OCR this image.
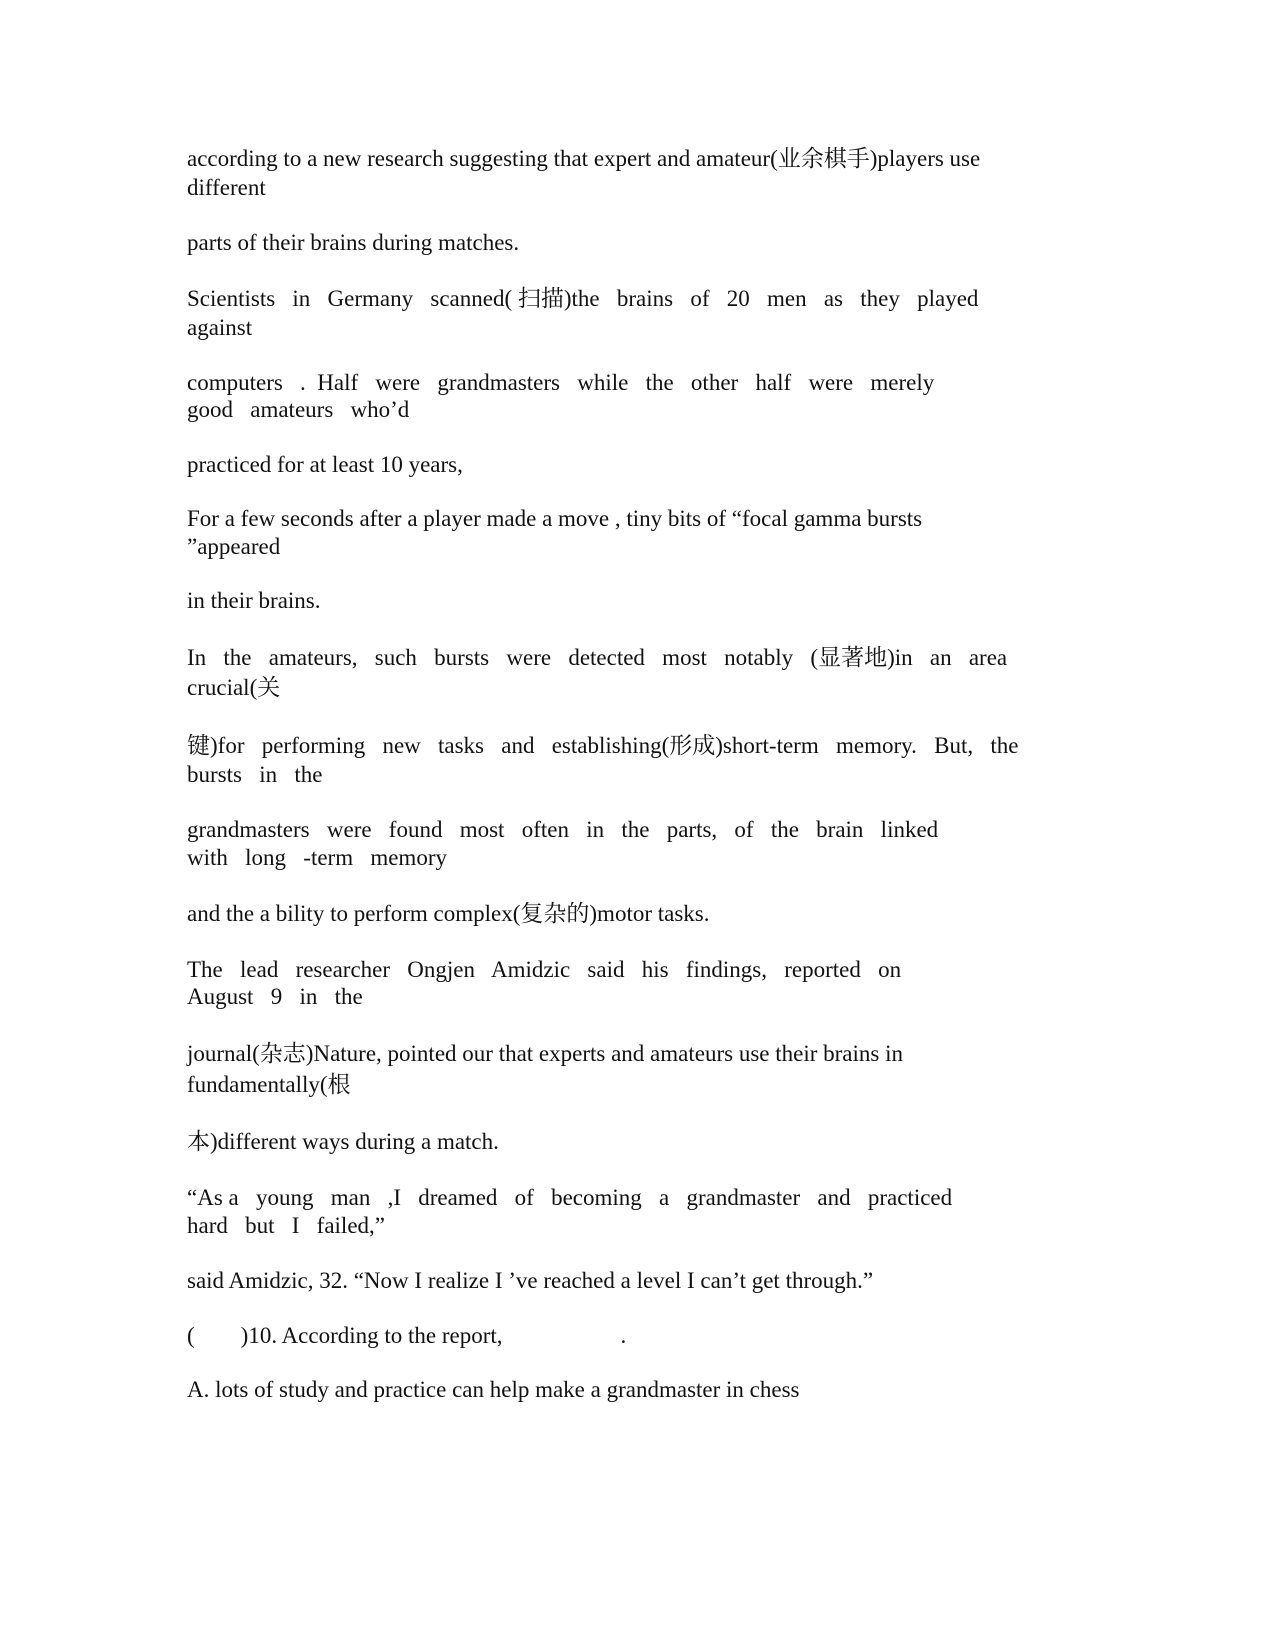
according to a new research suggesting that expert and amateur(业余棋手)players use
different
parts of their brains during matches.
Scientists   in   Germany   scanned( 扫描)the   brains   of   20   men   as   they   played
against
computers   .  Half   were   grandmasters   while   the   other   half   were   merely
good   amateurs   who’d
practiced for at least 10 years,
For a few seconds after a player made a move , tiny bits of “focal gamma bursts
”appeared
in their brains.
In   the   amateurs,   such   bursts   were   detected   most   notably   (显著地)in   an   area
crucial(关
键)for   performing   new   tasks   and   establishing(形成)short-term   memory.   But,   the
bursts   in   the
grandmasters   were   found   most   often   in   the   parts,   of   the   brain   linked
with   long   -term   memory
and the a bility to perform complex(复杂的)motor tasks.
The   lead   researcher   Ongjen   Amidzic   said   his   findings,   reported   on
August   9   in   the
journal(杂志)Nature, pointed our that experts and amateurs use their brains in
fundamentally(根
本)different ways during a match.
“As a   young   man   ,I   dreamed   of   becoming   a   grandmaster   and   practiced
hard   but   I   failed,”
said Amidzic, 32. “Now I realize I ’ve reached a level I can’t get through.”
( )10. According to the report,	.
A. lots of study and practice can help make a grandmaster in chess
